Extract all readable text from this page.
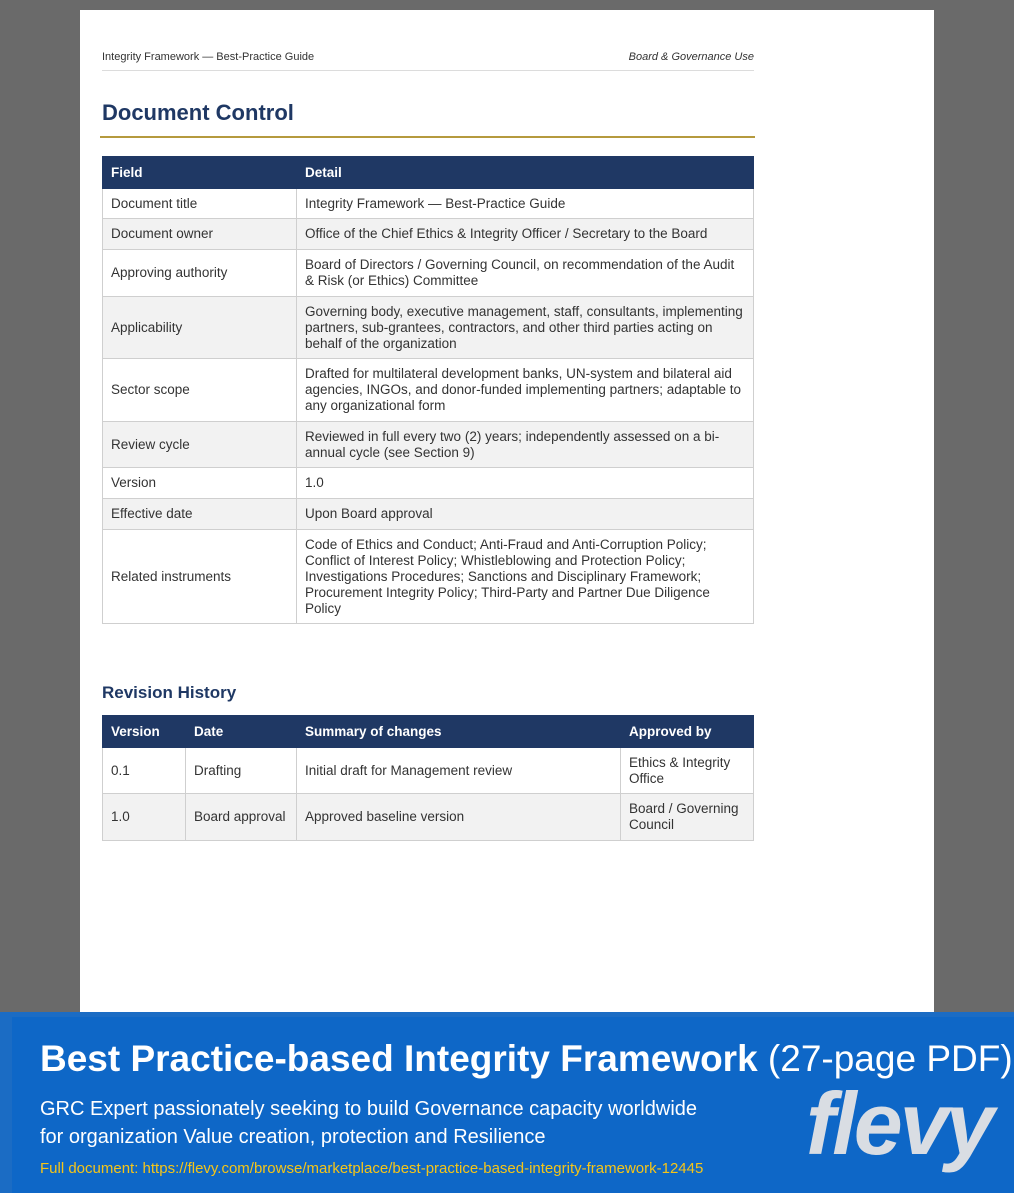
Integrity Framework — Best-Practice Guide	Board & Governance Use
Document Control
Field	Detail
Document title	Integrity Framework — Best-Practice Guide
Document owner	Office of the Chief Ethics & Integrity Officer / Secretary to the Board
Approving authority	Board of Directors / Governing Council, on recommendation of the Audit & Risk (or Ethics) Committee
Applicability	Governing body, executive management, staff, consultants, implementing partners, sub-grantees, contractors, and other third parties acting on behalf of the organization
Sector scope	Drafted for multilateral development banks, UN-system and bilateral aid agencies, INGOs, and donor-funded implementing partners; adaptable to any organizational form
Review cycle	Reviewed in full every two (2) years; independently assessed on a bi-annual cycle (see Section 9)
Version	1.0
Effective date	Upon Board approval
Related instruments	Code of Ethics and Conduct; Anti-Fraud and Anti-Corruption Policy; Conflict of Interest Policy; Whistleblowing and Protection Policy; Investigations Procedures; Sanctions and Disciplinary Framework; Procurement Integrity Policy; Third-Party and Partner Due Diligence Policy
Revision History
Version	Date	Summary of changes	Approved by
0.1	Drafting	Initial draft for Management review	Ethics & Integrity Office
1.0	Board approval	Approved baseline version	Board / Governing Council
Best Practice-based Integrity Framework (27-page PDF)
GRC Expert passionately seeking to build Governance capacity worldwide
for organization Value creation, protection and Resilience
Full document: https://flevy.com/browse/marketplace/best-practice-based-integrity-framework-12445 flevy
